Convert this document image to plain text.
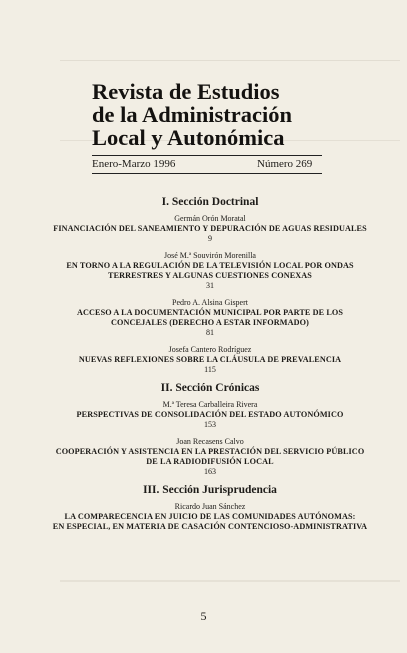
Revista de Estudios
de la Administración
Local y Autonómica
Enero-Marzo 1996	Número 269
I. Sección Doctrinal
Germán Orón Moratal
FINANCIACIÓN DEL SANEAMIENTO Y DEPURACIÓN DE AGUAS RESIDUALES
9
José M.ª Souvirón Morenilla
EN TORNO A LA REGULACIÓN DE LA TELEVISIÓN LOCAL POR ONDAS
TERRESTRES Y ALGUNAS CUESTIONES CONEXAS
31
Pedro A. Alsina Gispert
ACCESO A LA DOCUMENTACIÓN MUNICIPAL POR PARTE DE LOS
CONCEJALES (DERECHO A ESTAR INFORMADO)
81
Josefa Cantero Rodríguez
NUEVAS REFLEXIONES SOBRE LA CLÁUSULA DE PREVALENCIA
115
II. Sección Crónicas
M.ª Teresa Carballeira Rivera
PERSPECTIVAS DE CONSOLIDACIÓN DEL ESTADO AUTONÓMICO
153
Joan Recasens Calvo
COOPERACIÓN Y ASISTENCIA EN LA PRESTACIÓN DEL SERVICIO PÚBLICO
DE LA RADIODIFUSIÓN LOCAL
163
III. Sección Jurisprudencia
Ricardo Juan Sánchez
LA COMPARECENCIA EN JUICIO DE LAS COMUNIDADES AUTÓNOMAS:
EN ESPECIAL, EN MATERIA DE CASACIÓN CONTENCIOSO-ADMINISTRATIVA
5
